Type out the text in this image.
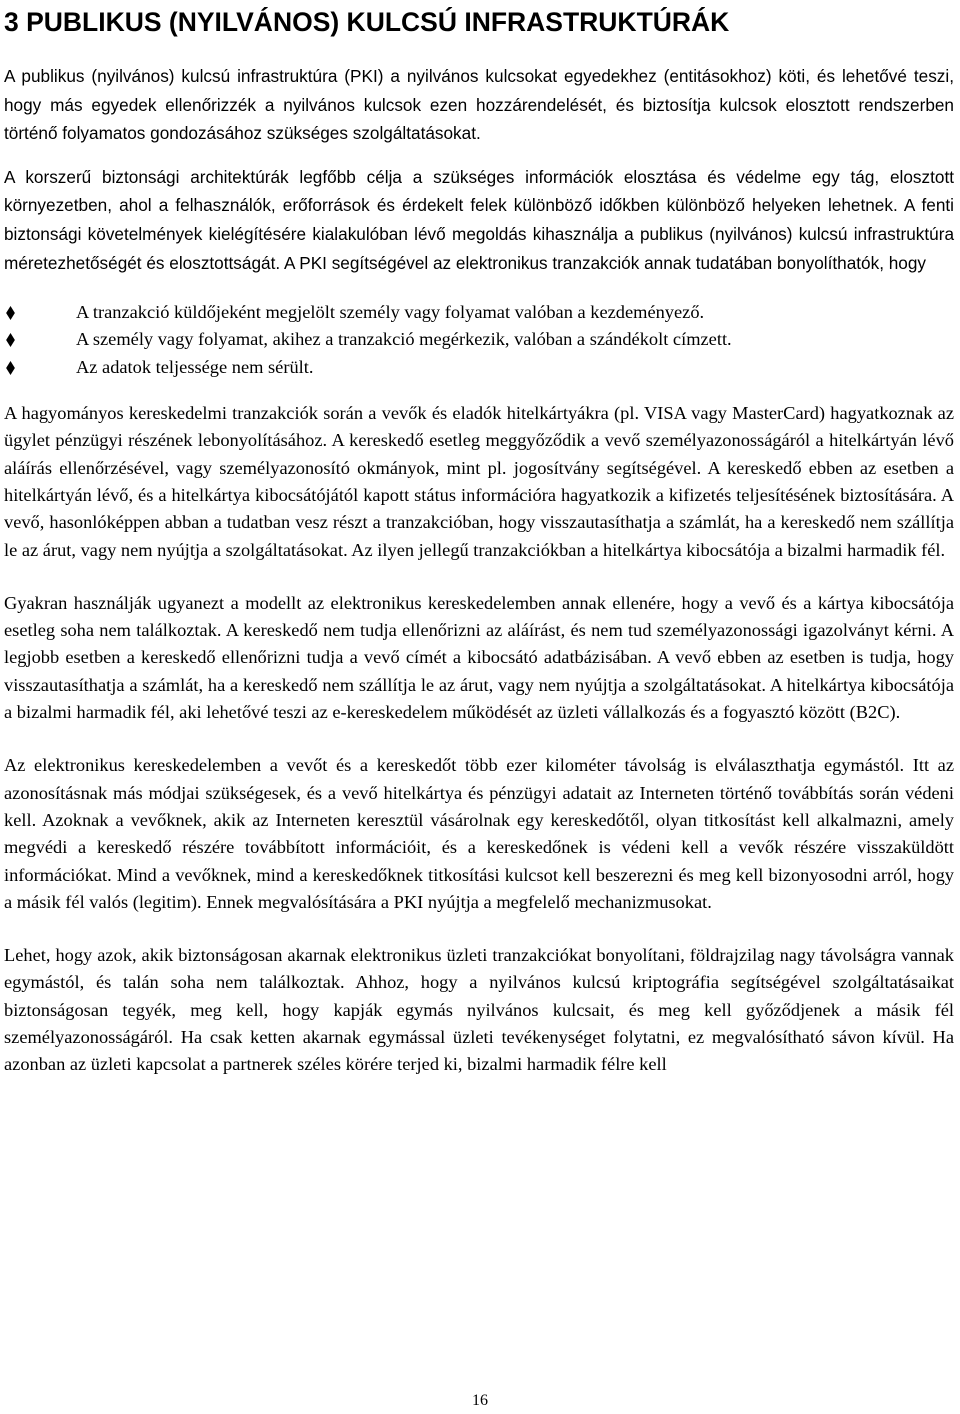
3 PUBLIKUS (NYILVÁNOS) KULCSÚ INFRASTRUKTÚRÁK

A publikus (nyilvános) kulcsú infrastruktúra (PKI) a nyilvános kulcsokat egyedekhez (entitásokhoz) köti, és lehetővé teszi, hogy más egyedek ellenőrizzék a nyilvános kulcsok ezen hozzárendelését, és biztosítja kulcsok elosztott rendszerben történő folyamatos gondozásához szükséges szolgáltatásokat.

A korszerű biztonsági architektúrák legfőbb célja a szükséges információk elosztása és védelme egy tág, elosztott környezetben, ahol a felhasználók, erőforrások és érdekelt felek különböző időkben különböző helyeken lehetnek. A fenti biztonsági követelmények kielégítésére kialakulóban lévő megoldás kihasználja a publikus (nyilvános) kulcsú infrastruktúra méretezhetőségét és elosztottságát. A PKI segítségével az elektronikus tranzakciók annak tudatában bonyolíthatók, hogy

A tranzakció küldőjeként megjelölt személy vagy folyamat valóban a kezdeményező.
A személy vagy folyamat, akihez a tranzakció megérkezik, valóban a szándékolt címzett.
Az adatok teljessége nem sérült.

A hagyományos kereskedelmi tranzakciók során a vevők és eladók hitelkártyákra (pl. VISA vagy MasterCard) hagyatkoznak az ügylet pénzügyi részének lebonyolításához. A kereskedő esetleg meggyőződik a vevő személyazonosságáról a hitelkártyán lévő aláírás ellenőrzésével, vagy személyazonosító okmányok, mint pl. jogosítvány segítségével. A kereskedő ebben az esetben a hitelkártyán lévő, és a hitelkártya kibocsátójától kapott státus információra hagyatkozik a kifizetés teljesítésének biztosítására. A vevő, hasonlóképpen abban a tudatban vesz részt a tranzakcióban, hogy visszautasíthatja a számlát, ha a kereskedő nem szállítja le az árut, vagy nem nyújtja a szolgáltatásokat. Az ilyen jellegű tranzakciókban a hitelkártya kibocsátója a bizalmi harmadik fél.

Gyakran használják ugyanezt a modellt az elektronikus kereskedelemben annak ellenére, hogy a vevő és a kártya kibocsátója esetleg soha nem találkoztak. A kereskedő nem tudja ellenőrizni az aláírást, és nem tud személyazonossági igazolványt kérni. A legjobb esetben a kereskedő ellenőrizni tudja a vevő címét a kibocsátó adatbázisában. A vevő ebben az esetben is tudja, hogy visszautasíthatja a számlát, ha a kereskedő nem szállítja le az árut, vagy nem nyújtja a szolgáltatásokat. A hitelkártya kibocsátója a bizalmi harmadik fél, aki lehetővé teszi az e-kereskedelem működését az üzleti vállalkozás és a fogyasztó között (B2C).

Az elektronikus kereskedelemben a vevőt és a kereskedőt több ezer kilométer távolság is elválaszthatja egymástól. Itt az azonosításnak más módjai szükségesek, és a vevő hitelkártya és pénzügyi adatait az Interneten történő továbbítás során védeni kell. Azoknak a vevőknek, akik az Interneten keresztül vásárolnak egy kereskedőtől, olyan titkosítást kell alkalmazni, amely megvédi a kereskedő részére továbbított információit, és a kereskedőnek is védeni kell a vevők részére visszaküldött információkat. Mind a vevőknek, mind a kereskedőknek titkosítási kulcsot kell beszerezni és meg kell bizonyosodni arról, hogy a másik fél valós (legitim). Ennek megvalósítására a PKI nyújtja a megfelelő mechanizmusokat.

Lehet, hogy azok, akik biztonságosan akarnak elektronikus üzleti tranzakciókat bonyolítani, földrajzilag nagy távolságra vannak egymástól, és talán soha nem találkoztak. Ahhoz, hogy a nyilvános kulcsú kriptográfia segítségével szolgáltatásaikat biztonságosan tegyék, meg kell, hogy kapják egymás nyilvános kulcsait, és meg kell győződjenek a másik fél személyazonosságáról. Ha csak ketten akarnak egymással üzleti tevékenységet folytatni, ez megvalósítható sávon kívül. Ha azonban az üzleti kapcsolat a partnerek széles körére terjed ki, bizalmi harmadik félre kell

16
